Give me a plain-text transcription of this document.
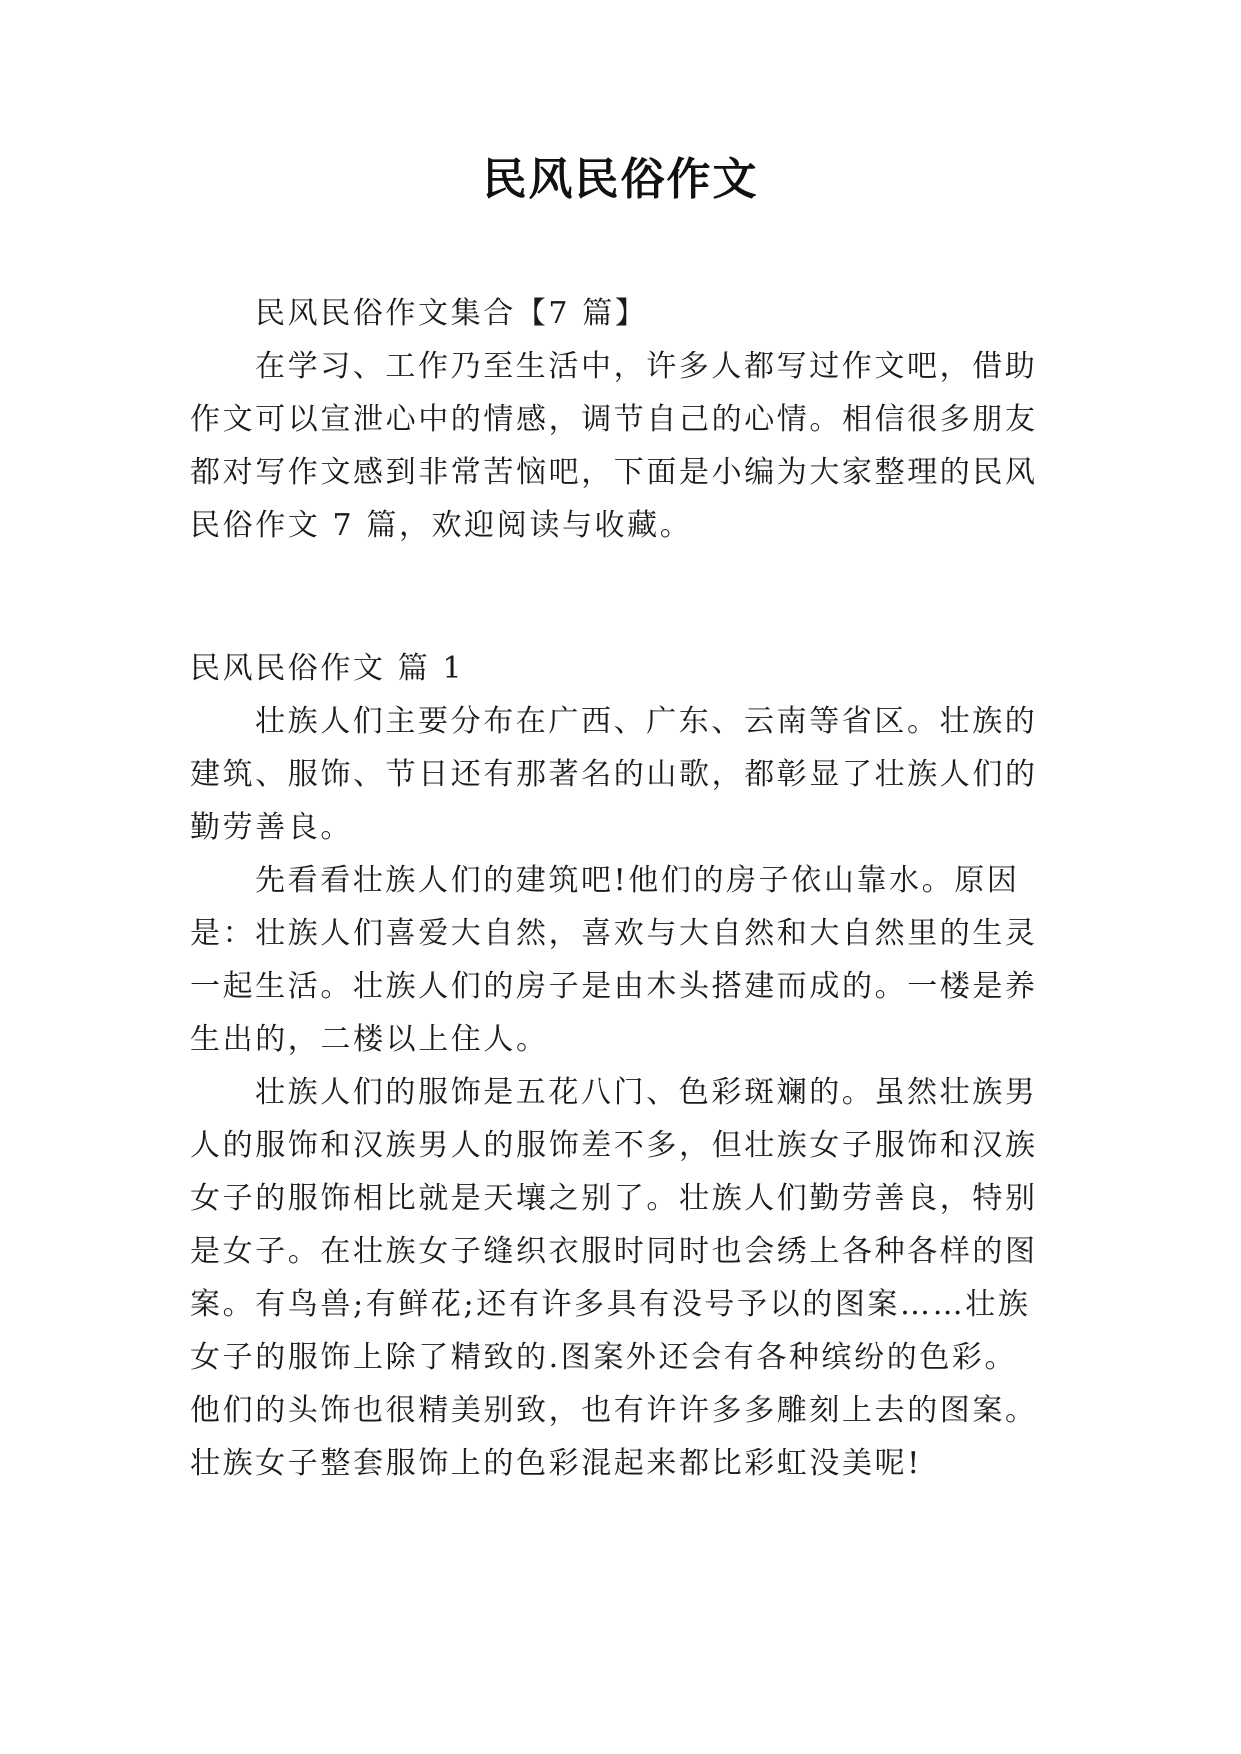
民风民俗作文
民风民俗作文集合【7 篇】
在学习、工作乃至生活中，许多人都写过作文吧，借助
作文可以宣泄心中的情感，调节自己的心情。相信很多朋友
都对写作文感到非常苦恼吧，下面是小编为大家整理的民风
民俗作文 7 篇，欢迎阅读与收藏。
民风民俗作文 篇 1
壮族人们主要分布在广西、广东、云南等省区。壮族的
建筑、服饰、节日还有那著名的山歌，都彰显了壮族人们的
勤劳善良。
先看看壮族人们的建筑吧!他们的房子依山靠水。原因
是：壮族人们喜爱大自然，喜欢与大自然和大自然里的生灵
一起生活。壮族人们的房子是由木头搭建而成的。一楼是养
生出的，二楼以上住人。
壮族人们的服饰是五花八门、色彩斑斓的。虽然壮族男
人的服饰和汉族男人的服饰差不多，但壮族女子服饰和汉族
女子的服饰相比就是天壤之别了。壮族人们勤劳善良，特别
是女子。在壮族女子缝织衣服时同时也会绣上各种各样的图
案。有鸟兽;有鲜花;还有许多具有没号予以的图案……壮族
女子的服饰上除了精致的.图案外还会有各种缤纷的色彩。
他们的头饰也很精美别致，也有许许多多雕刻上去的图案。
壮族女子整套服饰上的色彩混起来都比彩虹没美呢!
